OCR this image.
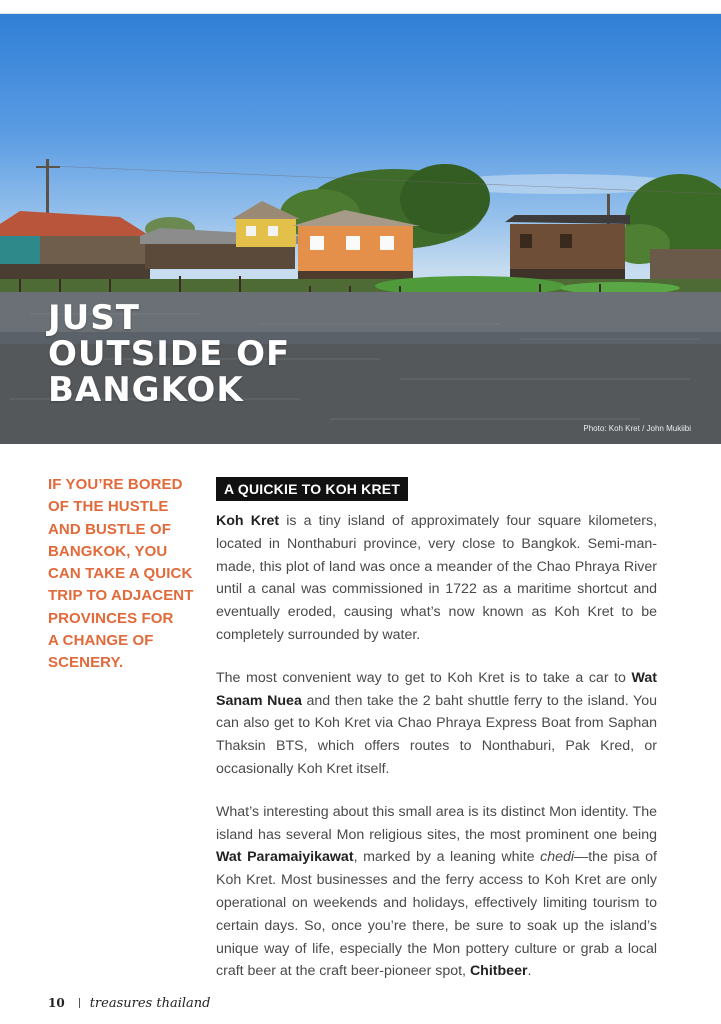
JUST
OUTSIDE OF
BANGKOK
Photo: Koh Kret / John Mukiibi

IF YOU’RE BORED
OF THE HUSTLE
AND BUSTLE OF
BANGKOK, YOU
CAN TAKE A QUICK
TRIP TO ADJACENT
PROVINCES FOR
A CHANGE OF
SCENERY.

A QUICKIE TO KOH KRET

Koh Kret is a tiny island of approximately four square kilometers, located in Nonthaburi province, very close to Bangkok. Semi-man-made, this plot of land was once a meander of the Chao Phraya River until a canal was commissioned in 1722 as a maritime shortcut and eventually eroded, causing what’s now known as Koh Kret to be completely surrounded by water.

The most convenient way to get to Koh Kret is to take a car to Wat Sanam Nuea and then take the 2 baht shuttle ferry to the island. You can also get to Koh Kret via Chao Phraya Express Boat from Saphan Thaksin BTS, which offers routes to Nonthaburi, Pak Kred, or occasionally Koh Kret itself.

What’s interesting about this small area is its distinct Mon identity. The island has several Mon religious sites, the most prominent one being Wat Paramaiyikawat, marked by a leaning white chedi—the pisa of Koh Kret. Most businesses and the ferry access to Koh Kret are only operational on weekends and holidays, effectively limiting tourism to certain days. So, once you’re there, be sure to soak up the island’s unique way of life, especially the Mon pottery culture or grab a local craft beer at the craft beer-pioneer spot, Chitbeer.

10 treasures thailand
